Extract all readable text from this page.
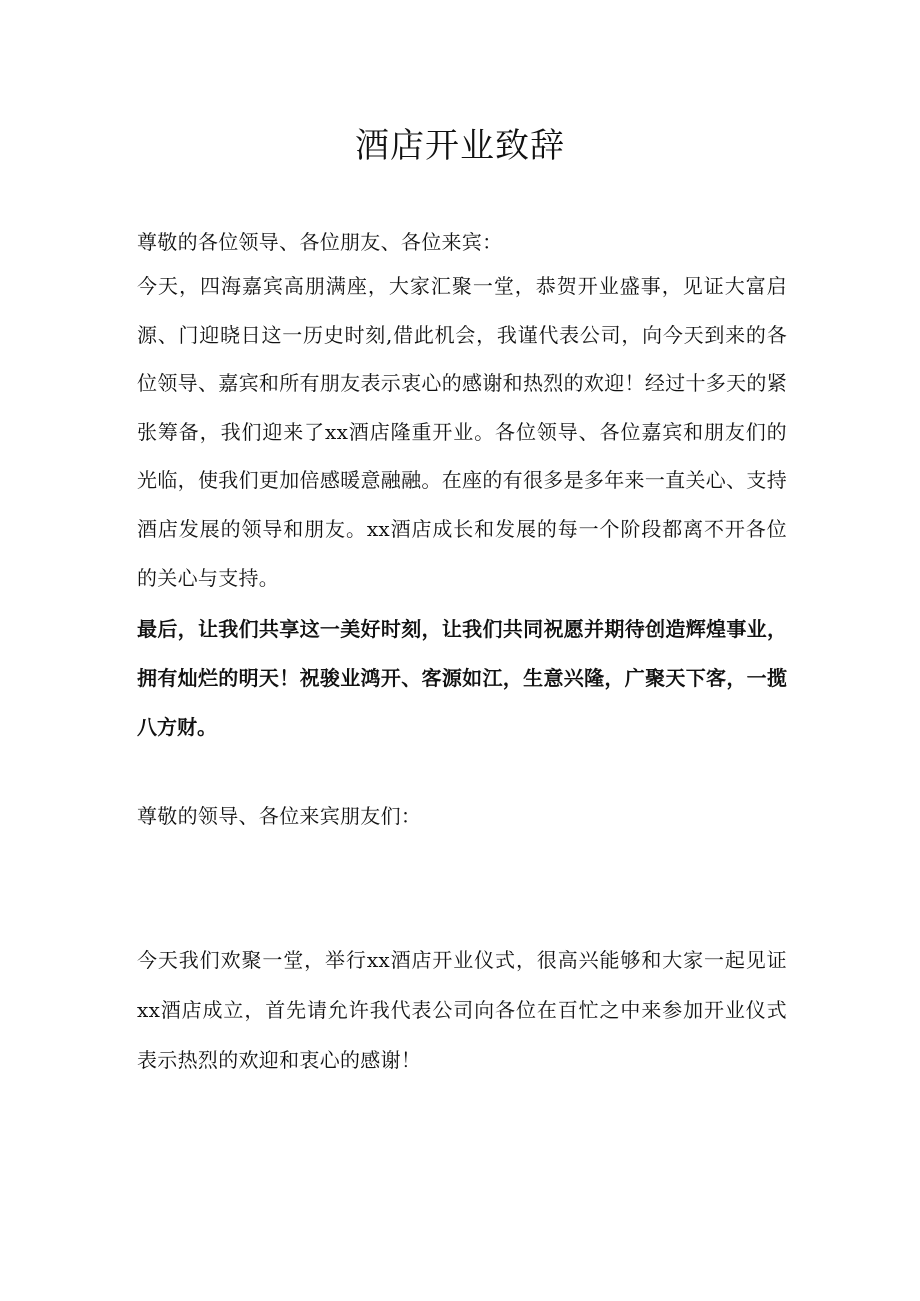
酒店开业致辞
尊敬的各位领导、各位朋友、各位来宾：
今天，四海嘉宾高朋满座，大家汇聚一堂，恭贺开业盛事，见证大富启源、门迎晓日这一历史时刻,借此机会，我谨代表公司，向今天到来的各位领导、嘉宾和所有朋友表示衷心的感谢和热烈的欢迎！经过十多天的紧张筹备，我们迎来了xx酒店隆重开业。各位领导、各位嘉宾和朋友们的光临，使我们更加倍感暖意融融。在座的有很多是多年来一直关心、支持酒店发展的领导和朋友。xx酒店成长和发展的每一个阶段都离不开各位的关心与支持。
最后，让我们共享这一美好时刻，让我们共同祝愿并期待创造辉煌事业，拥有灿烂的明天！祝骏业鸿开、客源如江，生意兴隆，广聚天下客，一揽八方财。
尊敬的领导、各位来宾朋友们：
今天我们欢聚一堂，举行xx酒店开业仪式，很高兴能够和大家一起见证xx酒店成立，首先请允许我代表公司向各位在百忙之中来参加开业仪式表示热烈的欢迎和衷心的感谢！
